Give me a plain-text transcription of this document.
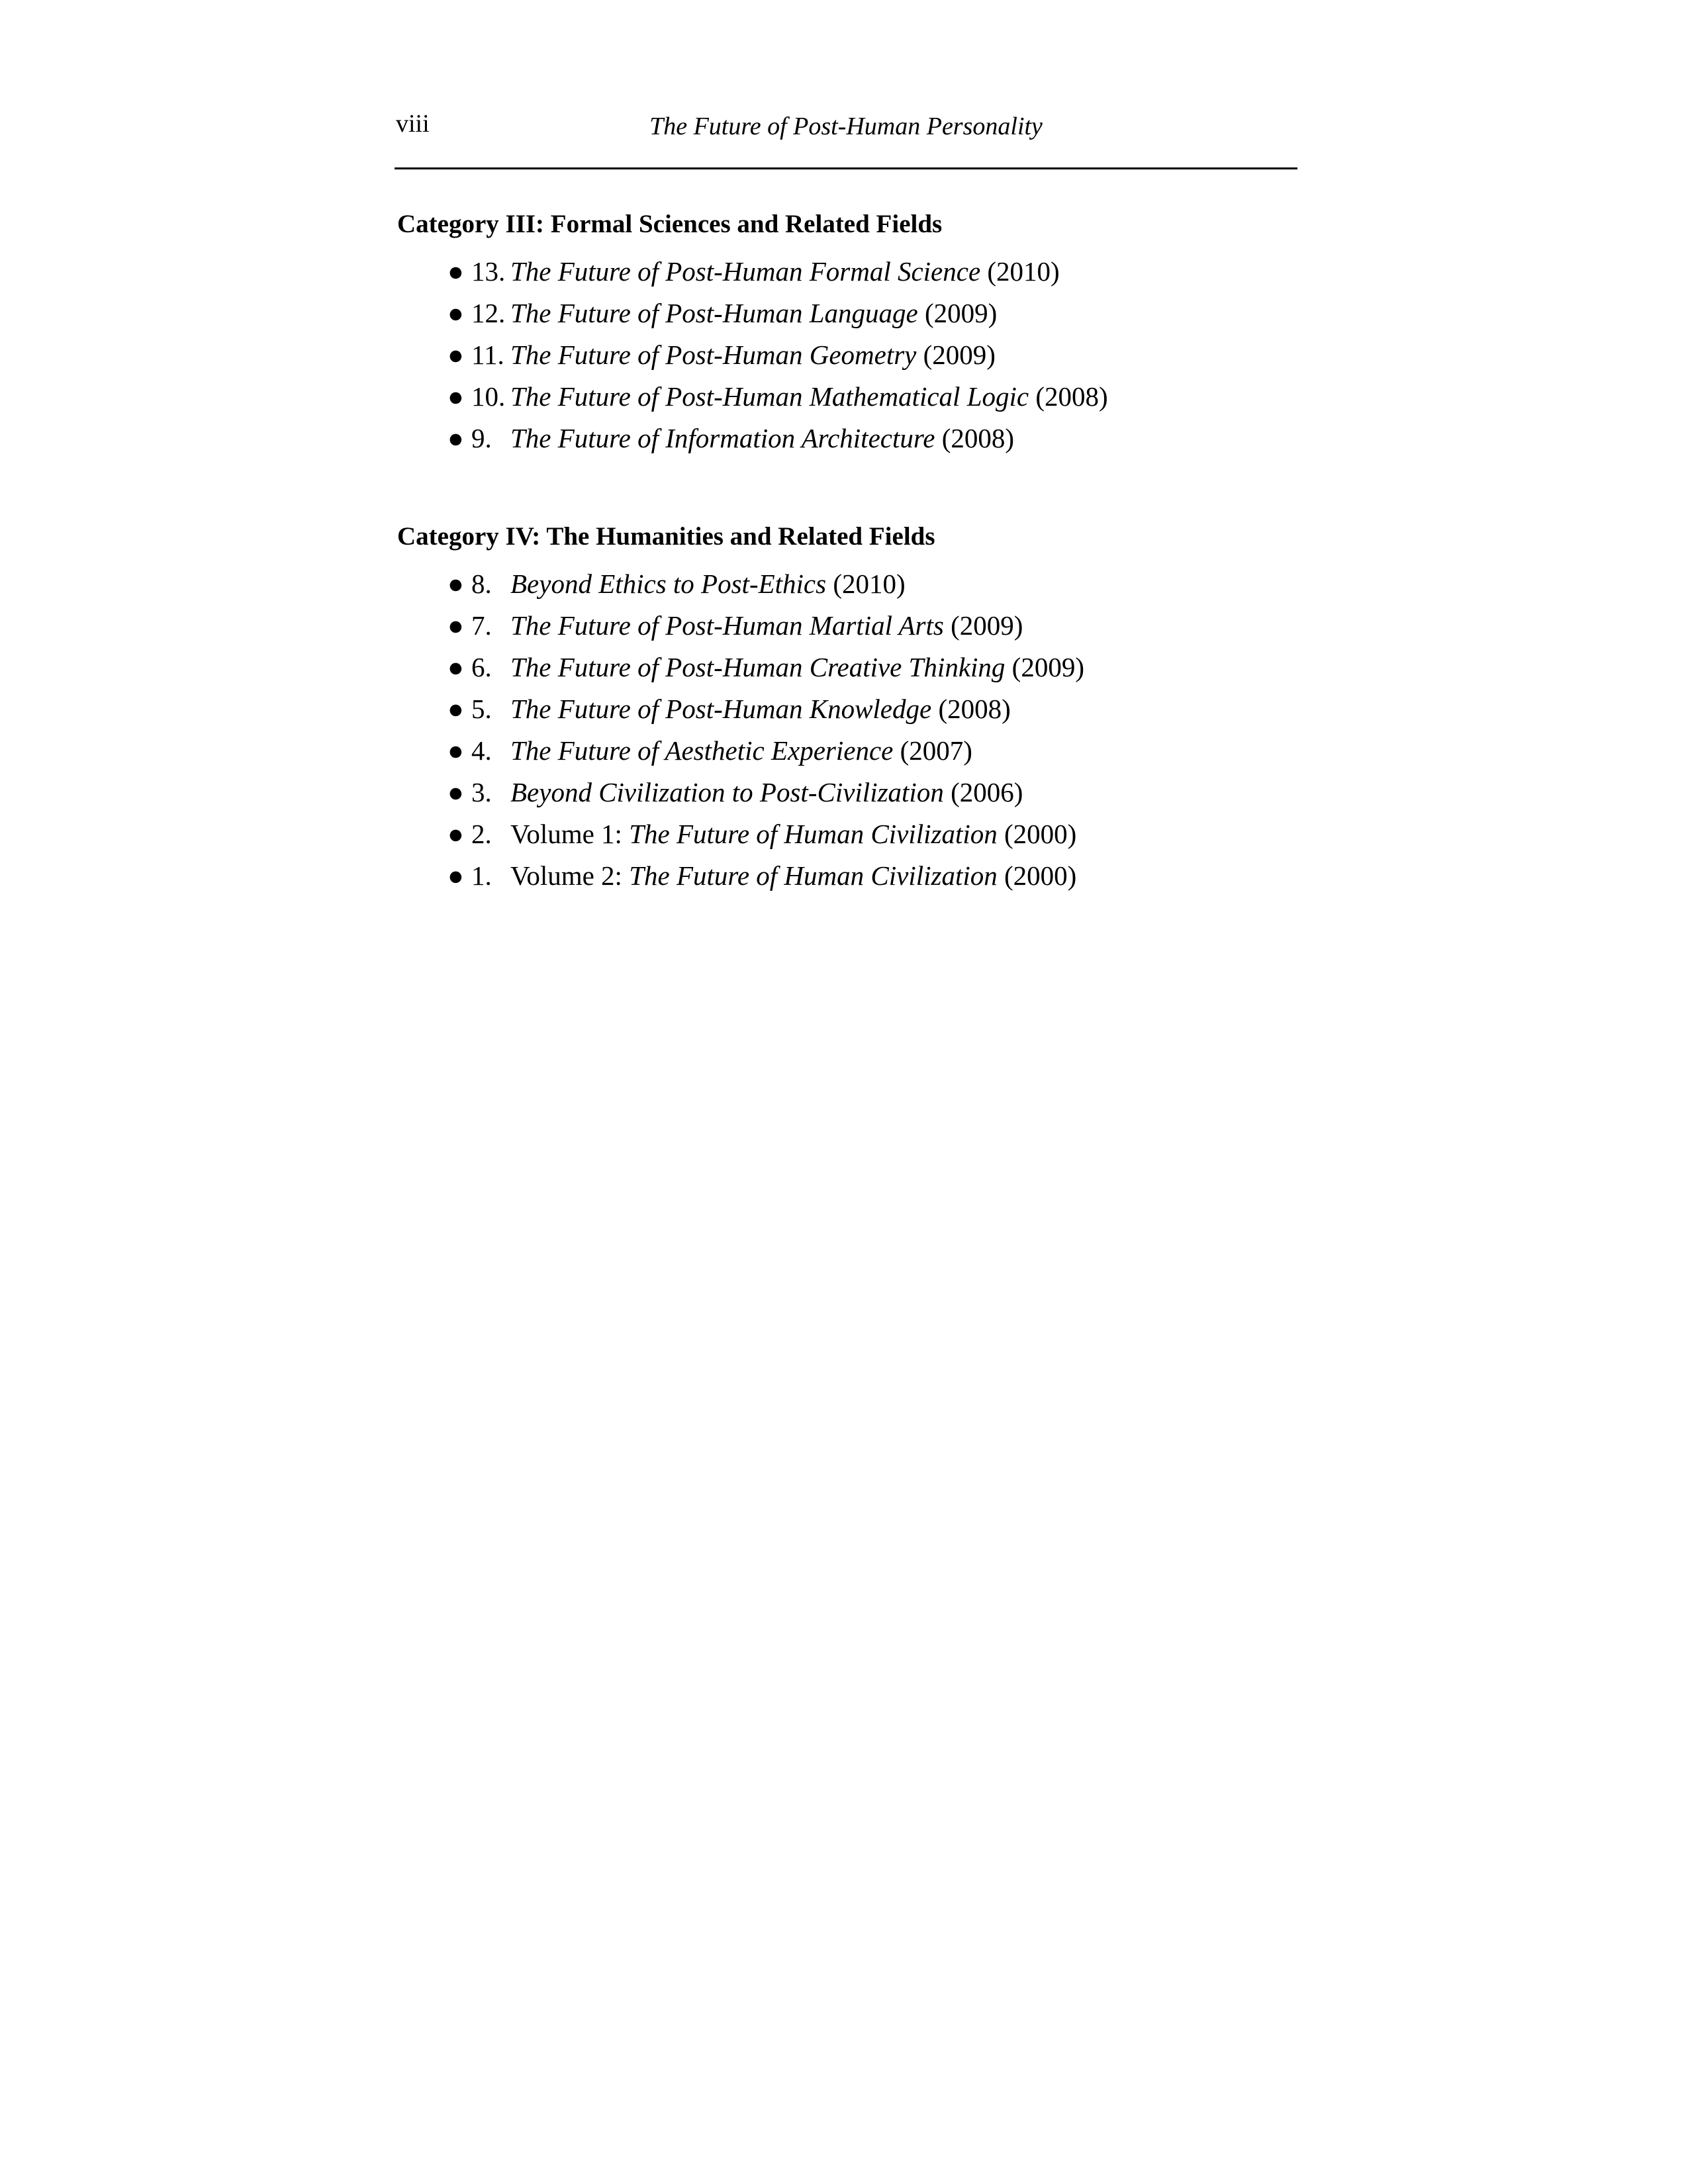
viii	The Future of Post-Human Personality
Category III: Formal Sciences and Related Fields
● 13. The Future of Post-Human Formal Science (2010)
● 12. The Future of Post-Human Language (2009)
● 11. The Future of Post-Human Geometry (2009)
● 10. The Future of Post-Human Mathematical Logic (2008)
● 9. The Future of Information Architecture (2008)
Category IV: The Humanities and Related Fields
● 8. Beyond Ethics to Post-Ethics (2010)
● 7. The Future of Post-Human Martial Arts (2009)
● 6. The Future of Post-Human Creative Thinking (2009)
● 5. The Future of Post-Human Knowledge (2008)
● 4. The Future of Aesthetic Experience (2007)
● 3. Beyond Civilization to Post-Civilization (2006)
● 2. Volume 1: The Future of Human Civilization (2000)
● 1. Volume 2: The Future of Human Civilization (2000)
